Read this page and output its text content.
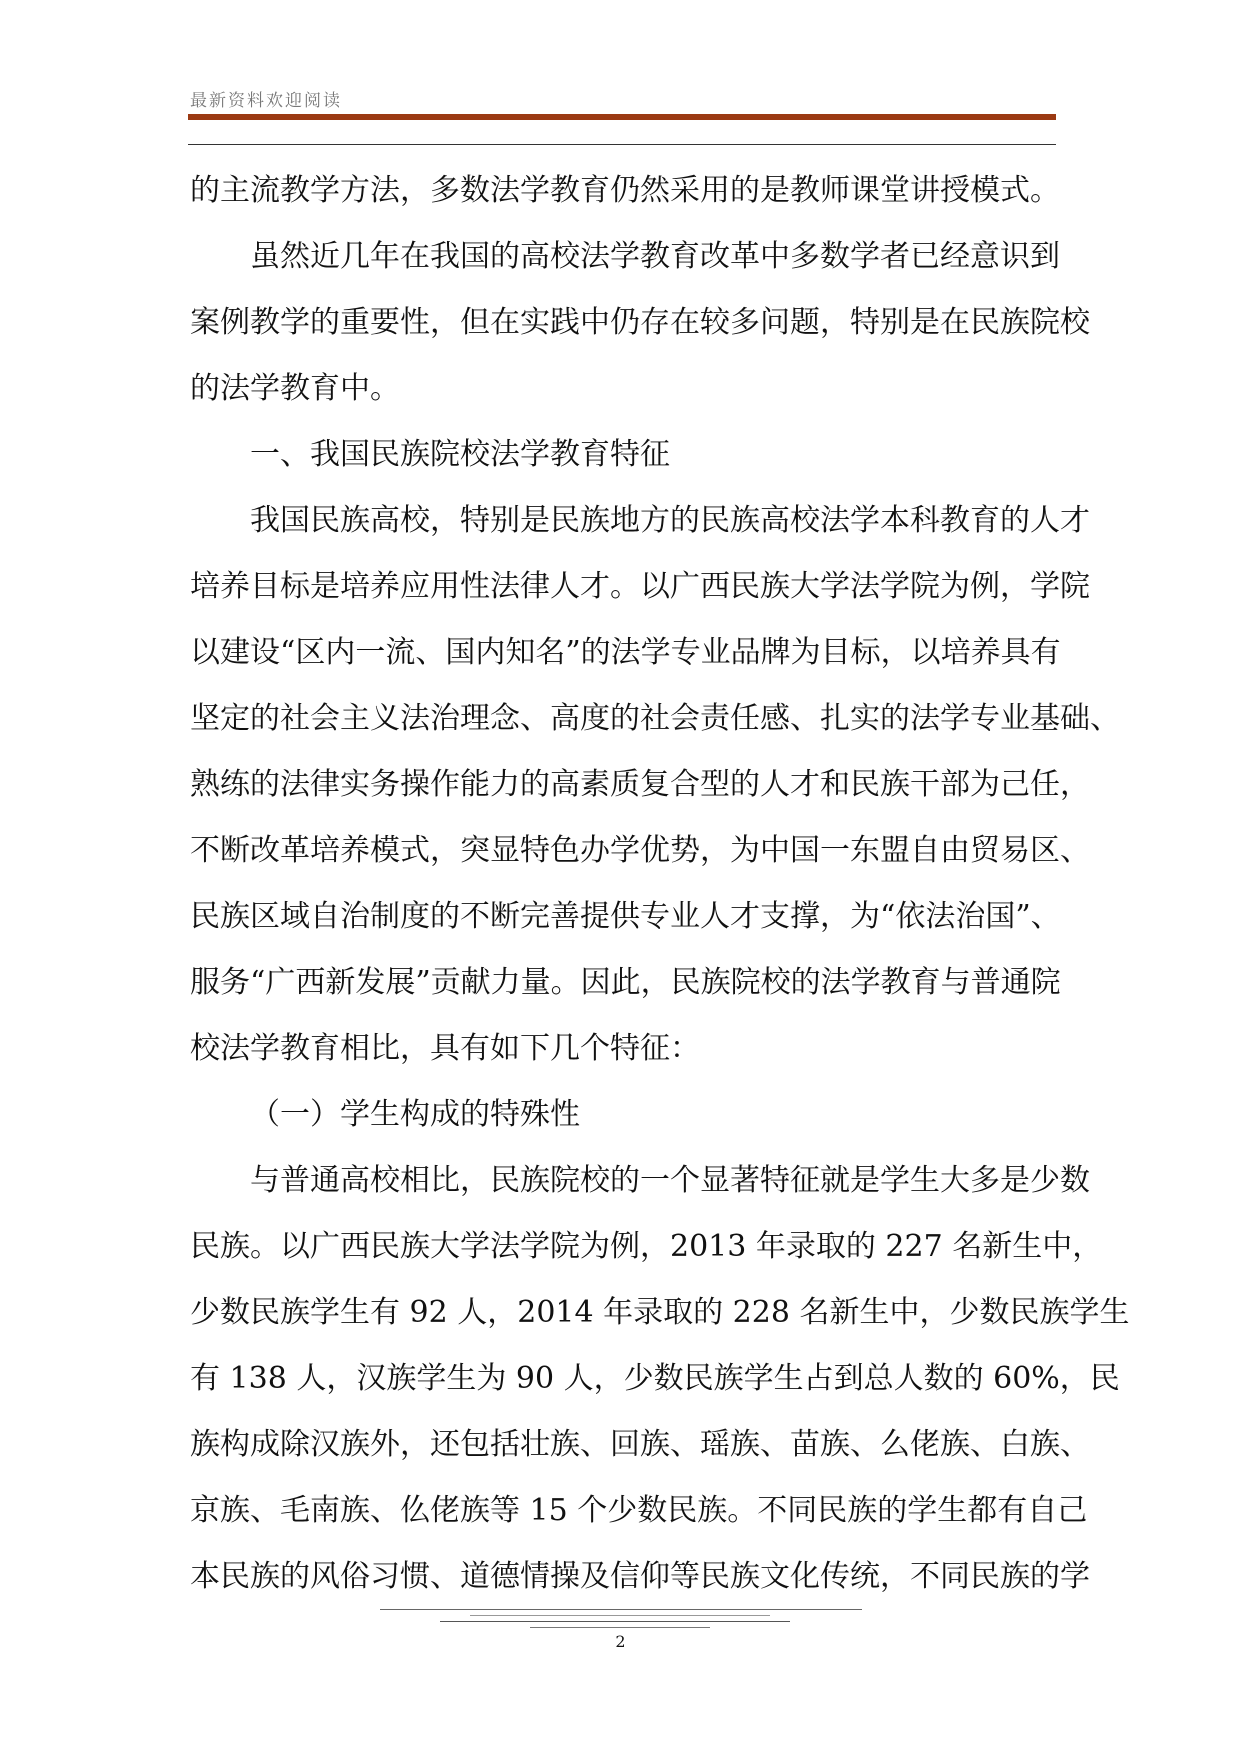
最新资料欢迎阅读
的主流教学方法，多数法学教育仍然采用的是教师课堂讲授模式。
虽然近几年在我国的高校法学教育改革中多数学者已经意识到
案例教学的重要性，但在实践中仍存在较多问题，特别是在民族院校
的法学教育中。
一、我国民族院校法学教育特征
我国民族高校，特别是民族地方的民族高校法学本科教育的人才
培养目标是培养应用性法律人才。以广西民族大学法学院为例，学院
以建设“区内一流、国内知名”的法学专业品牌为目标，以培养具有
坚定的社会主义法治理念、高度的社会责任感、扎实的法学专业基础、
熟练的法律实务操作能力的高素质复合型的人才和民族干部为己任，
不断改革培养模式，突显特色办学优势，为中国一东盟自由贸易区、
民族区域自治制度的不断完善提供专业人才支撑，为“依法治国”、
服务“广西新发展”贡献力量。因此，民族院校的法学教育与普通院
校法学教育相比，具有如下几个特征：
（一）学生构成的特殊性
与普通高校相比，民族院校的一个显著特征就是学生大多是少数
民族。以广西民族大学法学院为例，2013 年录取的 227 名新生中，
少数民族学生有 92 人，2014 年录取的 228 名新生中，少数民族学生
有 138 人，汉族学生为 90 人，少数民族学生占到总人数的 60%，民
族构成除汉族外，还包括壮族、回族、瑶族、苗族、么佬族、白族、
京族、毛南族、仫佬族等 15 个少数民族。不同民族的学生都有自己
本民族的风俗习惯、道德情操及信仰等民族文化传统，不同民族的学
2
